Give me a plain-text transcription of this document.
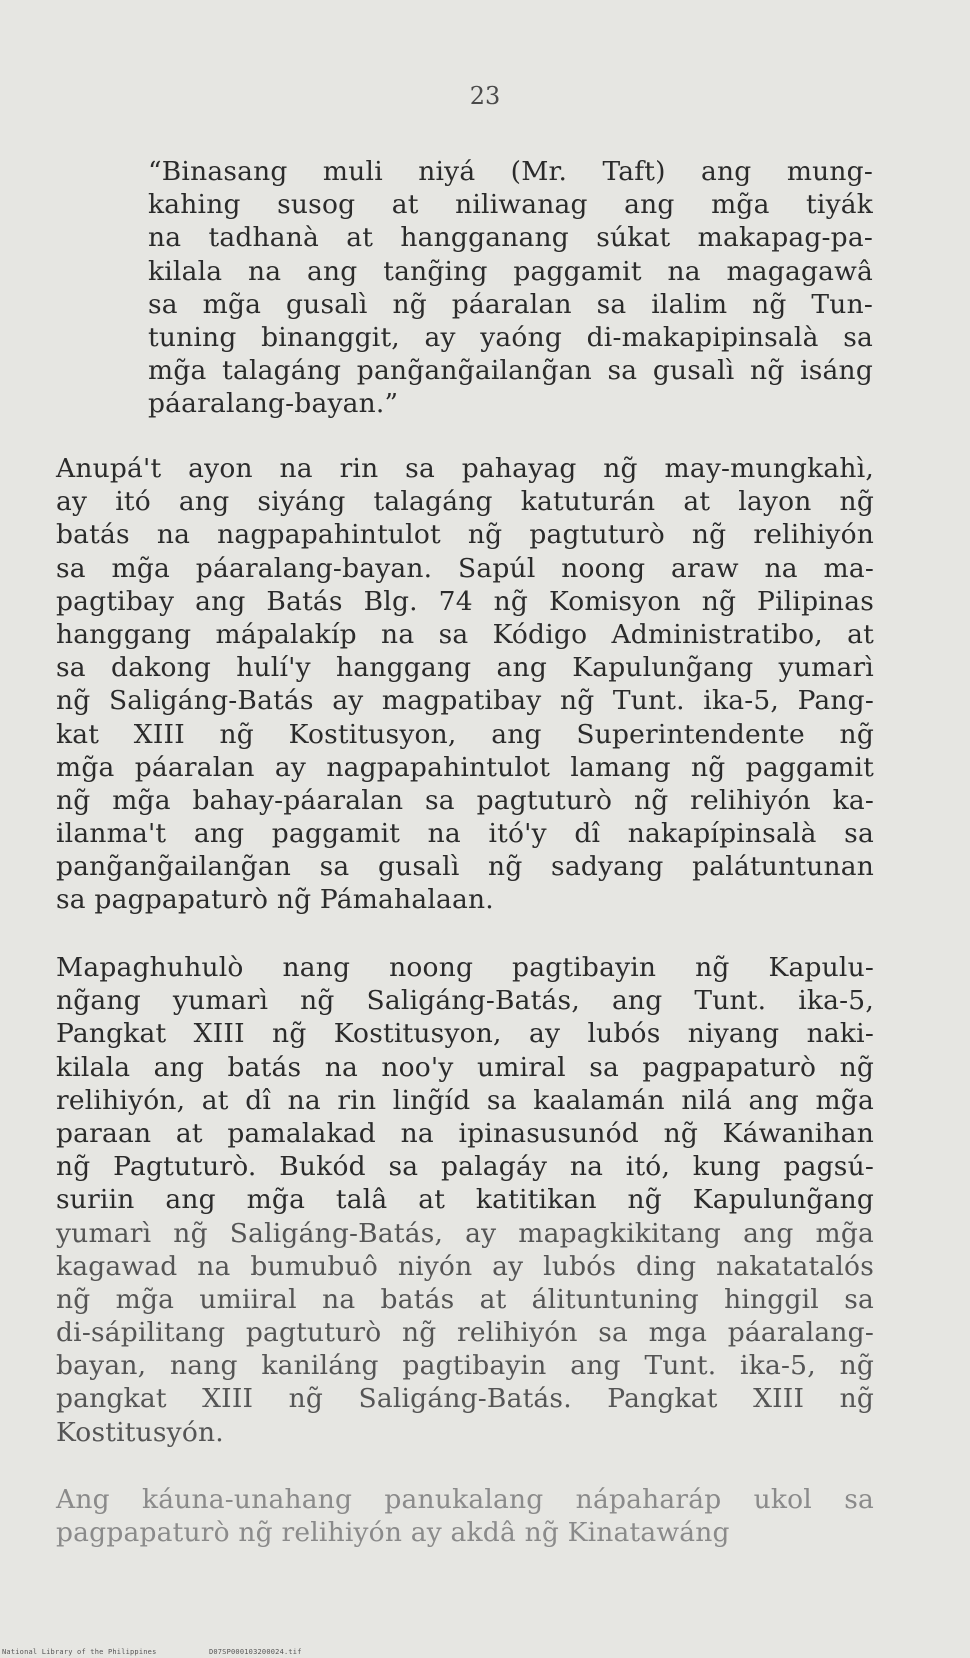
23
“Binasang muli niyá (Mr. Taft) ang mung-
kahing susog at niliwanag ang mg̃a tiyák
na tadhanà at hangganang súkat makapag-pa-
kilala na ang tang̃ing paggamit na magagawâ
sa mg̃a gusalì ng̃ páaralan sa ilalim ng̃ Tun-
tuning binanggit, ay yaóng di-makapipinsalà sa
mg̃a talagáng pang̃ang̃ailang̃an sa gusalì ng̃ isáng
páaralang-bayan.”
Anupá't ayon na rin sa pahayag ng̃ may-mungkahì,
ay itó ang siyáng talagáng katuturán at layon ng̃
batás na nagpapahintulot ng̃ pagtuturò ng̃ relihiyón
sa mg̃a páaralang-bayan. Sapúl noong araw na ma-
pagtibay ang Batás Blg. 74 ng̃ Komisyon ng̃ Pilipinas
hanggang mápalakíp na sa Kódigo Administratibo, at
sa dakong hulí'y hanggang ang Kapulung̃ang yumarì
ng̃ Saligáng-Batás ay magpatibay ng̃ Tunt. ika-5, Pang-
kat XIII ng̃ Kostitusyon, ang Superintendente ng̃
mg̃a páaralan ay nagpapahintulot lamang ng̃ paggamit
ng̃ mg̃a bahay-páaralan sa pagtuturò ng̃ relihiyón ka-
ilanma't ang paggamit na itó'y dî nakapípinsalà sa
pang̃ang̃ailang̃an sa gusalì ng̃ sadyang palátuntunan
sa pagpapaturò ng̃ Pámahalaan.
Mapaghuhulò nang noong pagtibayin ng̃ Kapulu-
ng̃ang yumarì ng̃ Saligáng-Batás, ang Tunt. ika-5,
Pangkat XIII ng̃ Kostitusyon, ay lubós niyang naki-
kilala ang batás na noo'y umiral sa pagpapaturò ng̃
relihiyón, at dî na rin ling̃íd sa kaalamán nilá ang mg̃a
paraan at pamalakad na ipinasusunód ng̃ Káwanihan
ng̃ Pagtuturò. Bukód sa palagáy na itó, kung pagsú-
suriin ang mg̃a talâ at katitikan ng̃ Kapulung̃ang
yumarì ng̃ Saligáng-Batás, ay mapagkikitang ang mg̃a
kagawad na bumubuô niyón ay lubós ding nakatatalós
ng̃ mg̃a umiiral na batás at álituntuning hinggil sa
di-sápilitang pagtuturò ng̃ relihiyón sa mga páaralang-
bayan, nang kaniláng pagtibayin ang Tunt. ika-5, ng̃
pangkat XIII ng̃ Saligáng-Batás. Pangkat XIII ng̃
Kostitusyón.
Ang káuna-unahang panukalang nápaharáp ukol sa
pagpapaturò ng̃ relihiyón ay akdâ ng̃ Kinatawáng
National Library of the Philippines	D07SP000103200024.tif
